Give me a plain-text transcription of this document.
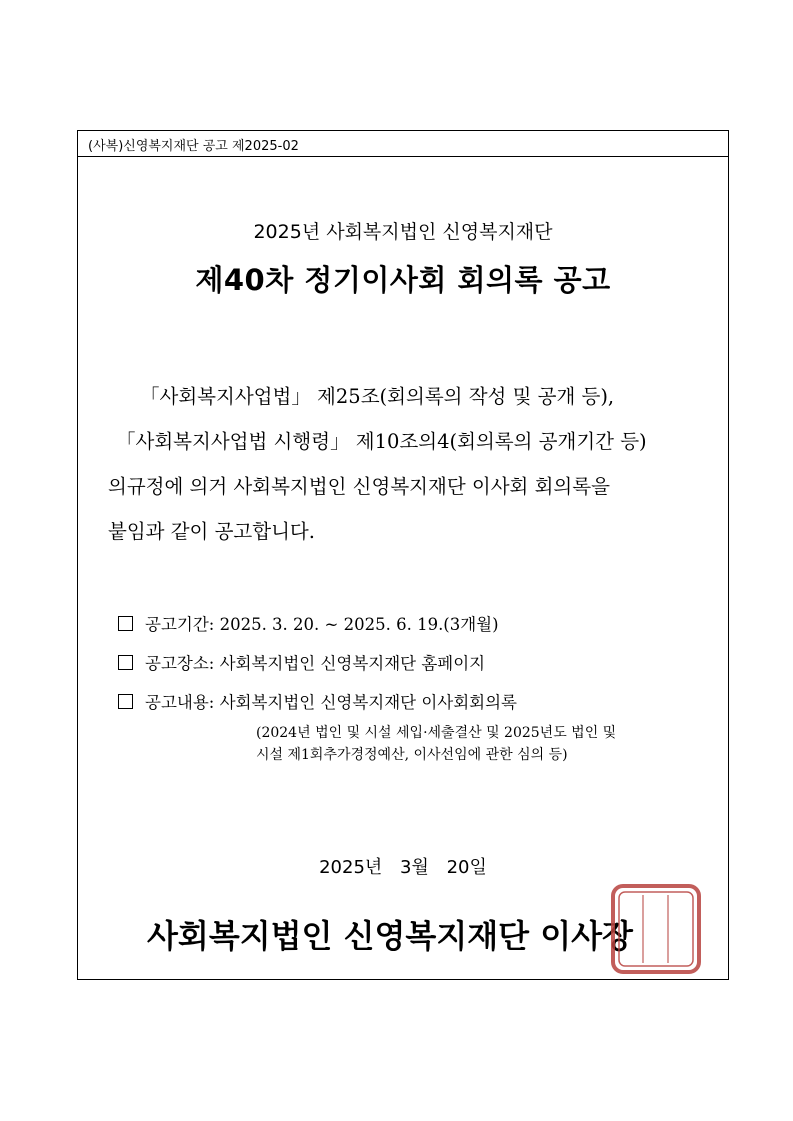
(사복)신영복지재단 공고 제2025-02
2025년 사회복지법인 신영복지재단
제40차 정기이사회 회의록 공고
「사회복지사업법」 제25조(회의록의 작성 및 공개 등),
「사회복지사업법 시행령」 제10조의4(회의록의 공개기간 등)
의규정에 의거 사회복지법인 신영복지재단 이사회 회의록을
붙임과 같이 공고합니다.
공고기간: 2025. 3. 20. ~ 2025. 6. 19.(3개월)
공고장소: 사회복지법인 신영복지재단 홈페이지
공고내용: 사회복지법인 신영복지재단 이사회회의록
(2024년 법인 및 시설 세입·세출결산 및 2025년도 법인 및
시설 제1회추가경정예산, 이사선임에 관한 심의 등)
2025년 3월 20일
사회복지법인 신영복지재단 이사장
